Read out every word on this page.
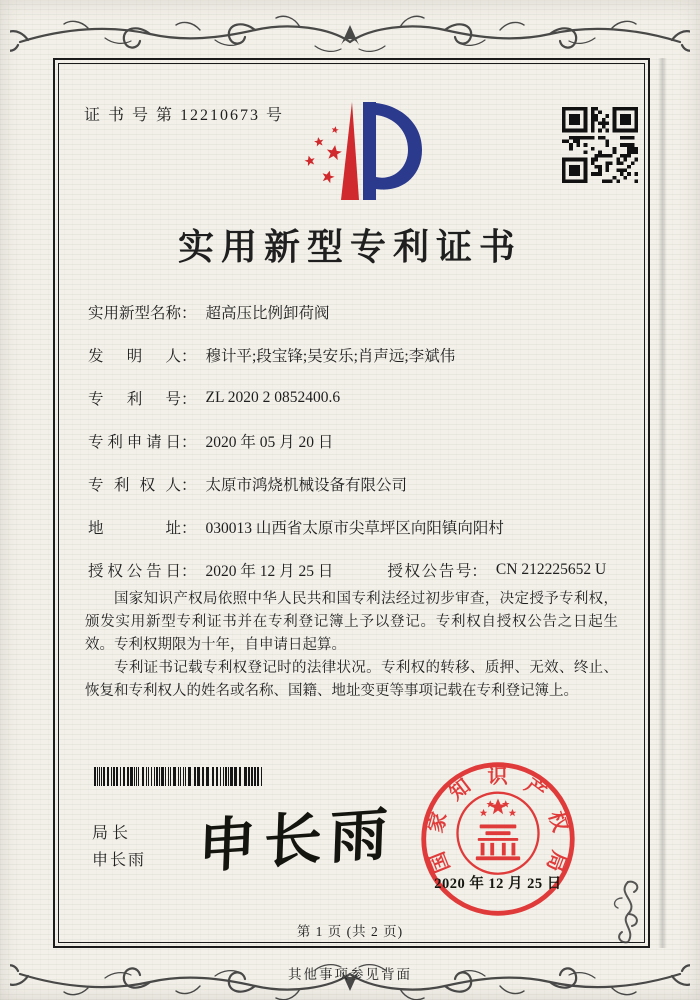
证 书 号 第 12210673 号
实用新型专利证书
实用新型名称 ： 超高压比例卸荷阀
发明人 ： 穆计平;段宝锋;吴安乐;肖声远;李斌伟
专利号 ： ZL 2020 2 0852400.6
专利申请日 ： 2020 年 05 月 20 日
专利权人 ： 太原市鸿烧机械设备有限公司
地址 ： 030013 山西省太原市尖草坪区向阳镇向阳村
授权公告日 ： 2020 年 12 月 25 日	授权公告号 ： CN 212225652 U

国家知识产权局依照中华人民共和国专利法经过初步审查，决定授予专利权，颁发实用新型专利证书并在专利登记簿上予以登记。专利权自授权公告之日起生效。专利权期限为十年，自申请日起算。

专利证书记载专利权登记时的法律状况。专利权的转移、质押、无效、终止、恢复和专利权人的姓名或名称、国籍、地址变更等事项记载在专利登记簿上。

局长
申长雨 申长雨 国家知识产权局
2020 年 12 月 25 日
第 1 页 (共 2 页)
其他事项参见背面
